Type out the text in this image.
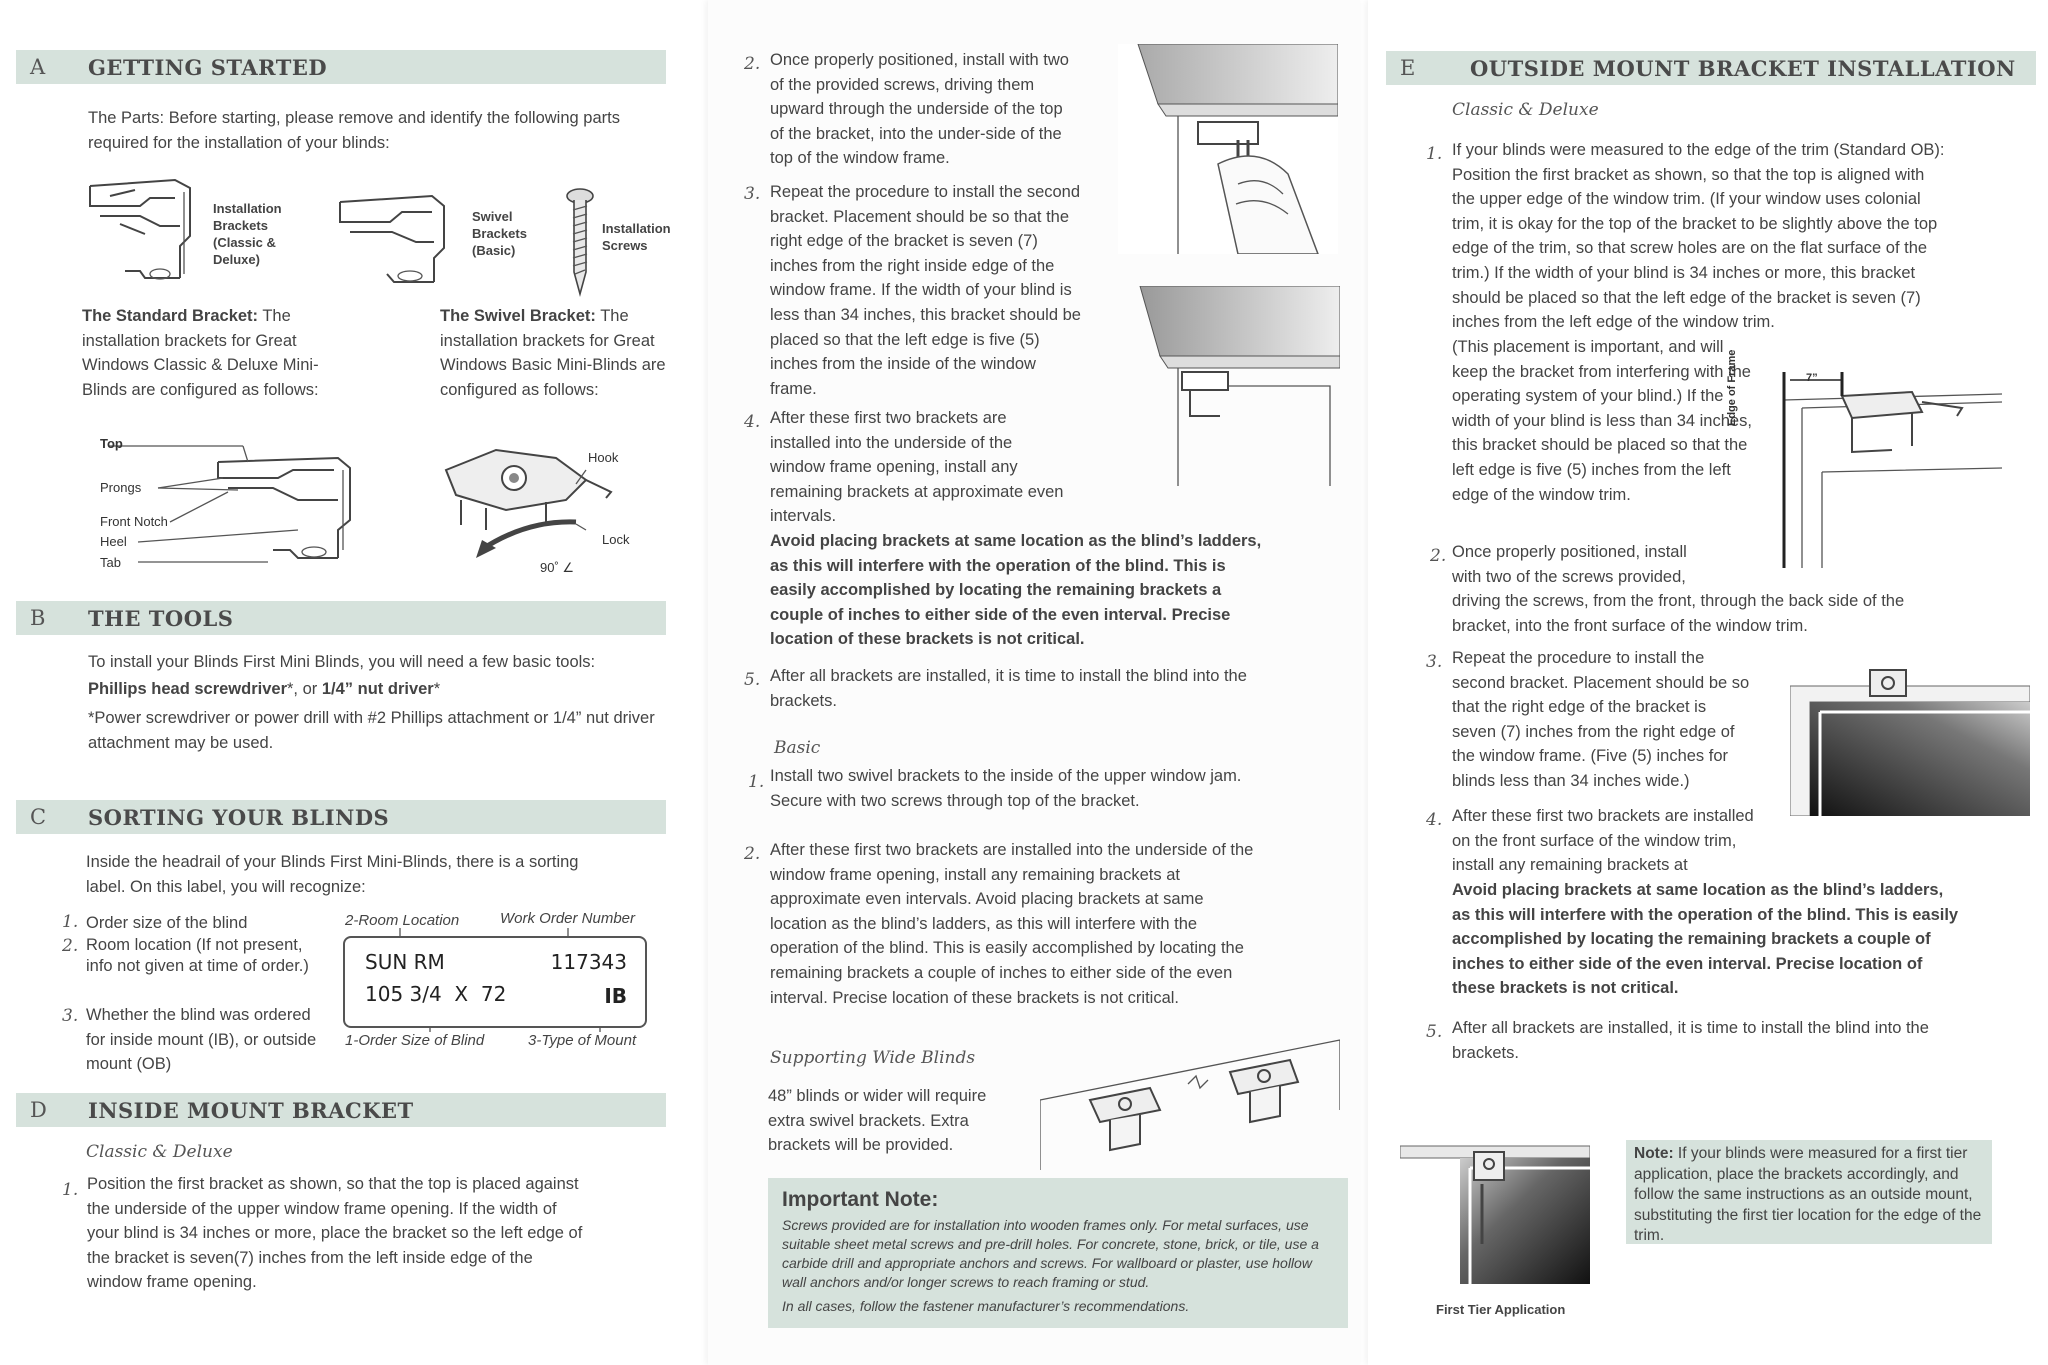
A GETTING STARTED
The Parts: Before starting, please remove and identify the following parts required for the installation of your blinds:
Installation Brackets (Classic & Deluxe)
Swivel Brackets (Basic)
Installation Screws
The Standard Bracket: The installation brackets for Great Windows Classic & Deluxe Mini-Blinds are configured as follows:
The Swivel Bracket: The installation brackets for Great Windows Basic Mini-Blinds are configured as follows:
Top
Prongs
Front Notch
Heel
Tab
Hook
Lock
90˚ ∠
B THE TOOLS
To install your Blinds First Mini Blinds, you will need a few basic tools:
Phillips head screwdriver*, or 1/4” nut driver*
*Power screwdriver or power drill with #2 Phillips attachment or 1/4” nut driver attachment may be used.
C SORTING YOUR BLINDS
Inside the headrail of your Blinds First Mini-Blinds, there is a sorting label. On this label, you will recognize:
1. Order size of the blind
2. Room location (If not present, info not given at time of order.)
3. Whether the blind was ordered for inside mount (IB), or outside mount (OB)
2-Room Location	Work Order Number
SUN RM	117343
105 3/4  X  72	IB
1-Order Size of Blind	3-Type of Mount
D INSIDE MOUNT BRACKET
Classic & Deluxe
1. Position the first bracket as shown, so that the top is placed against the underside of the upper window frame opening. If the width of your blind is 34 inches or more, place the bracket so the left edge of the bracket is seven(7) inches from the left inside edge of the window frame opening.
2. Once properly positioned, install with two of the provided screws, driving them upward through the underside of the top of the bracket, into the under-side of the top of the window frame.
3. Repeat the procedure to install the second bracket. Placement should be so that the right edge of the bracket is seven (7) inches from the right inside edge of the window frame. If the width of your blind is less than 34 inches, this bracket should be placed so that the left edge is five (5) inches from the inside of the window frame.
4. After these first two brackets are installed into the underside of the window frame opening, install any remaining brackets at approximate even intervals.
Avoid placing brackets at same location as the blind’s ladders, as this will interfere with the operation of the blind. This is easily accomplished by locating the remaining brackets a couple of inches to either side of the even interval. Precise location of these brackets is not critical.
5. After all brackets are installed, it is time to install the blind into the brackets.
Basic
1. Install two swivel brackets to the inside of the upper window jam. Secure with two screws through top of the bracket.
2. After these first two brackets are installed into the underside of the window frame opening, install any remaining brackets at approximate even intervals. Avoid placing brackets at same location as the blind’s ladders, as this will interfere with the operation of the blind. This is easily accomplished by locating the remaining brackets a couple of inches to either side of the even interval. Precise location of these brackets is not critical.
Supporting Wide Blinds
48” blinds or wider will require extra swivel brackets. Extra brackets will be provided.
Important Note:
Screws provided are for installation into wooden frames only. For metal surfaces, use suitable sheet metal screws and pre-drill holes. For concrete, stone, brick, or tile, use a carbide drill and appropriate anchors and screws. For wallboard or plaster, use hollow wall anchors and/or longer screws to reach framing or stud.
In all cases, follow the fastener manufacturer’s recommendations.
E	OUTSIDE MOUNT BRACKET INSTALLATION
Classic & Deluxe
1. If your blinds were measured to the edge of the trim (Standard OB): Position the first bracket as shown, so that the top is aligned with the upper edge of the window trim. (If your window uses colonial trim, it is okay for the top of the bracket to be slightly above the top edge of the trim, so that screw holes are on the flat surface of the trim.) If the width of your blind is 34 inches or more, this bracket should be placed so that the left edge of the bracket is seven (7) inches from the left edge of the window trim.
(This placement is important, and will keep the bracket from interfering with the operating system of your blind.) If the width of your blind is less than 34 inches, this bracket should be placed so that the left edge is five (5) inches from the left edge of the window trim.
Edge of Frame	7”
2. Once properly positioned, install with two of the screws provided,
driving the screws, from the front, through the back side of the bracket, into the front surface of the window trim.
3. Repeat the procedure to install the second bracket. Placement should be so that the right edge of the bracket is seven (7) inches from the right edge of the window frame. (Five (5) inches for blinds less than 34 inches wide.)
4. After these first two brackets are installed on the front surface of the window trim, install any remaining brackets at
Avoid placing brackets at same location as the blind’s ladders, as this will interfere with the operation of the blind. This is easily accomplished by locating the remaining brackets a couple of inches to either side of the even interval. Precise location of these brackets is not critical.
5. After all brackets are installed, it is time to install the blind into the brackets.
First Tier Application
Note: If your blinds were measured for a first tier application, place the brackets accordingly, and follow the same instructions as an outside mount, substituting the first tier location for the edge of the trim.
